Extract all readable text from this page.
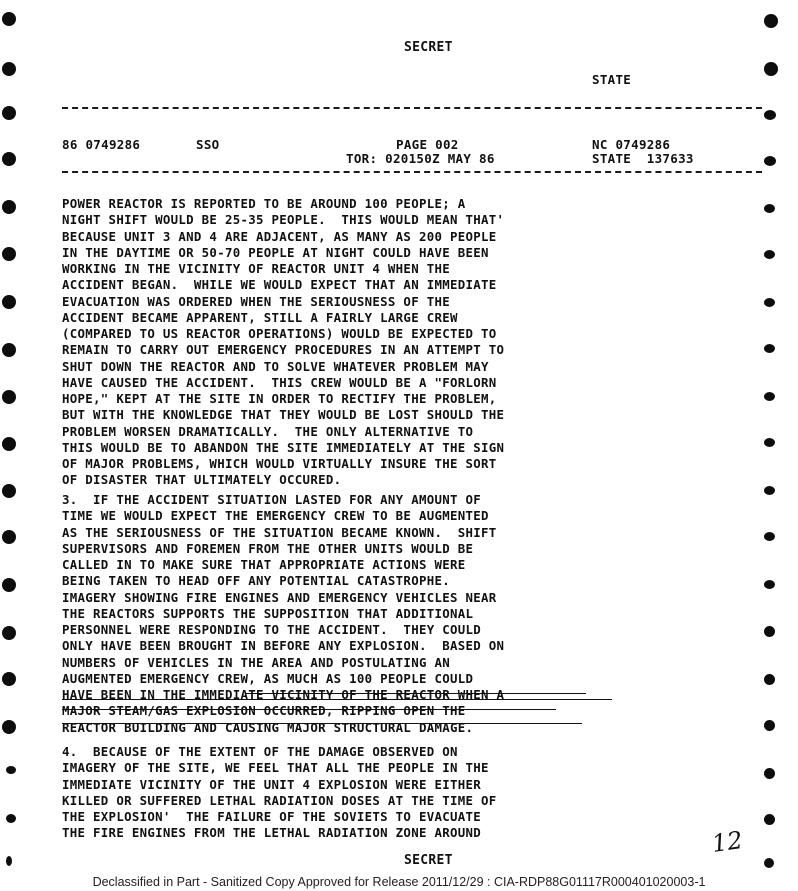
SECRET
STATE
86 0749286	SSO	PAGE 002	NC 0749286
TOR: 020150Z MAY 86	STATE  137633
POWER REACTOR IS REPORTED TO BE AROUND 100 PEOPLE; A
NIGHT SHIFT WOULD BE 25-35 PEOPLE.  THIS WOULD MEAN THAT'
BECAUSE UNIT 3 AND 4 ARE ADJACENT, AS MANY AS 200 PEOPLE
IN THE DAYTIME OR 50-70 PEOPLE AT NIGHT COULD HAVE BEEN
WORKING IN THE VICINITY OF REACTOR UNIT 4 WHEN THE
ACCIDENT BEGAN.  WHILE WE WOULD EXPECT THAT AN IMMEDIATE
EVACUATION WAS ORDERED WHEN THE SERIOUSNESS OF THE
ACCIDENT BECAME APPARENT, STILL A FAIRLY LARGE CREW
(COMPARED TO US REACTOR OPERATIONS) WOULD BE EXPECTED TO
REMAIN TO CARRY OUT EMERGENCY PROCEDURES IN AN ATTEMPT TO
SHUT DOWN THE REACTOR AND TO SOLVE WHATEVER PROBLEM MAY
HAVE CAUSED THE ACCIDENT.  THIS CREW WOULD BE A "FORLORN
HOPE," KEPT AT THE SITE IN ORDER TO RECTIFY THE PROBLEM,
BUT WITH THE KNOWLEDGE THAT THEY WOULD BE LOST SHOULD THE
PROBLEM WORSEN DRAMATICALLY.  THE ONLY ALTERNATIVE TO
THIS WOULD BE TO ABANDON THE SITE IMMEDIATELY AT THE SIGN
OF MAJOR PROBLEMS, WHICH WOULD VIRTUALLY INSURE THE SORT
OF DISASTER THAT ULTIMATELY OCCURED.
3.  IF THE ACCIDENT SITUATION LASTED FOR ANY AMOUNT OF
TIME WE WOULD EXPECT THE EMERGENCY CREW TO BE AUGMENTED
AS THE SERIOUSNESS OF THE SITUATION BECAME KNOWN.  SHIFT
SUPERVISORS AND FOREMEN FROM THE OTHER UNITS WOULD BE
CALLED IN TO MAKE SURE THAT APPROPRIATE ACTIONS WERE
BEING TAKEN TO HEAD OFF ANY POTENTIAL CATASTROPHE.
IMAGERY SHOWING FIRE ENGINES AND EMERGENCY VEHICLES NEAR
THE REACTORS SUPPORTS THE SUPPOSITION THAT ADDITIONAL
PERSONNEL WERE RESPONDING TO THE ACCIDENT.  THEY COULD
ONLY HAVE BEEN BROUGHT IN BEFORE ANY EXPLOSION.  BASED ON
NUMBERS OF VEHICLES IN THE AREA AND POSTULATING AN
AUGMENTED EMERGENCY CREW, AS MUCH AS 100 PEOPLE COULD
HAVE BEEN IN THE IMMEDIATE VICINITY OF THE REACTOR WHEN A
MAJOR STEAM/GAS EXPLOSION OCCURRED, RIPPING OPEN THE
REACTOR BUILDING AND CAUSING MAJOR STRUCTURAL DAMAGE.
4.  BECAUSE OF THE EXTENT OF THE DAMAGE OBSERVED ON
IMAGERY OF THE SITE, WE FEEL THAT ALL THE PEOPLE IN THE
IMMEDIATE VICINITY OF THE UNIT 4 EXPLOSION WERE EITHER
KILLED OR SUFFERED LETHAL RADIATION DOSES AT THE TIME OF
THE EXPLOSION'  THE FAILURE OF THE SOVIETS TO EVACUATE
THE FIRE ENGINES FROM THE LETHAL RADIATION ZONE AROUND	12
SECRET
Declassified in Part - Sanitized Copy Approved for Release 2011/12/29 : CIA-RDP88G01117R000401020003-1
